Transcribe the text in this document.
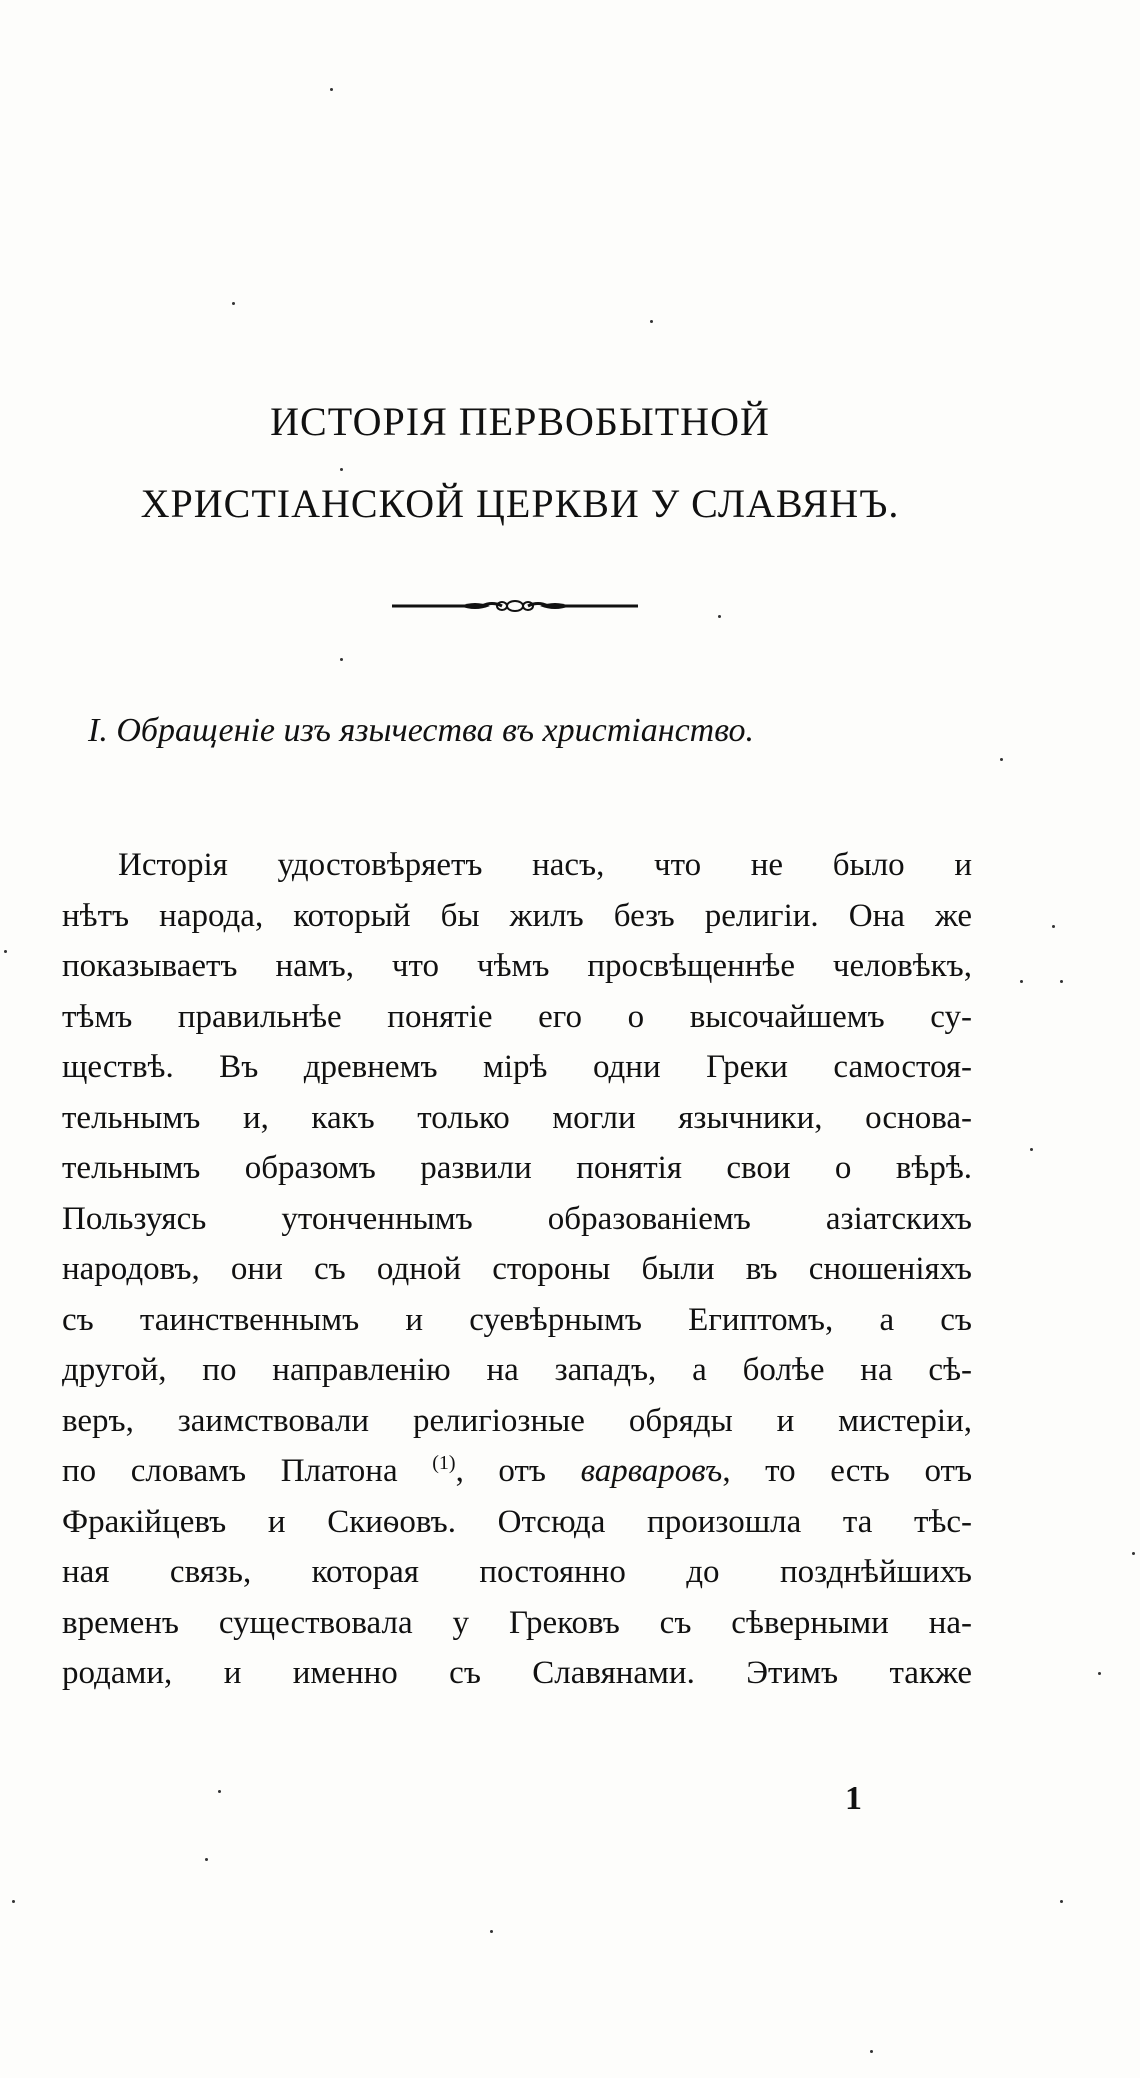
ИСТОРІЯ ПЕРВОБЫТНОЙ
ХРИСТІАНСКОЙ ЦЕРКВИ У СЛАВЯНЪ.
I. Обращеніе изъ язычества въ христіанство.
Исторія удостовѣряетъ насъ, что не было и
нѣтъ народа, который бы жилъ безъ религіи. Она же
показываетъ намъ, что чѣмъ просвѣщеннѣе человѣкъ,
тѣмъ правильнѣе понятіе его о высочайшемъ су-
ществѣ. Въ древнемъ мірѣ одни Греки самостоя-
тельнымъ и, какъ только могли язычники, основа-
тельнымъ образомъ развили понятія свои о вѣрѣ.
Пользуясь утонченнымъ образованіемъ азіатскихъ
народовъ, они съ одной стороны были въ сношеніяхъ
съ таинственнымъ и суевѣрнымъ Египтомъ, а съ
другой, по направленію на западъ, а болѣе на сѣ-
веръ, заимствовали религіозные обряды и мистеріи,
по словамъ Платона $^{(1)}$, отъ варваровъ, то есть отъ
Фракійцевъ и Скиѳовъ. Отсюда произошла та тѣс-
ная связь, которая постоянно до позднѣйшихъ
временъ существовала у Грековъ съ сѣверными на-
родами, и именно съ Славянами. Этимъ также
1
